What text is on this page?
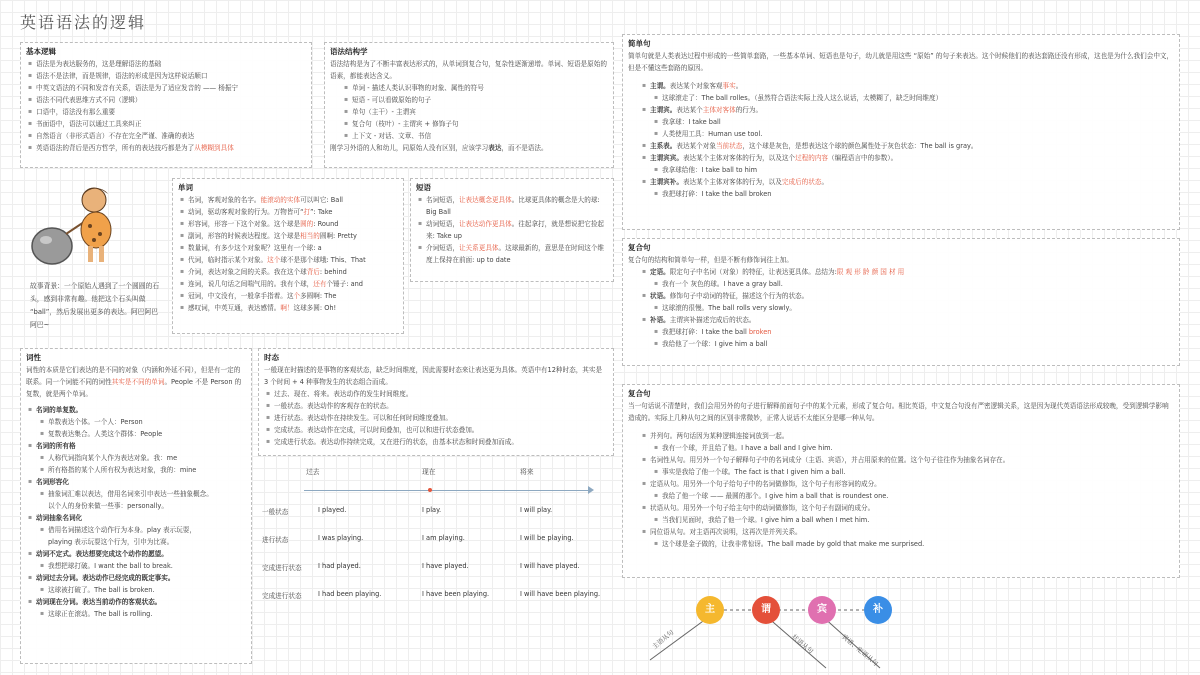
英语语法的逻辑
基本逻辑
▪ 语法是为表达服务的，这是理解语法的基础
▪ 语法不是法律，而是规律，语法的形成是因为这样说话顺口
▪ 中英文语法的不同和发音有关系，语法是为了适应发音的 —— 杨振宁
▪ 语法不同代表思维方式不同（逻辑）
▪ 口语中，语法没有那么重要
▪ 书面语中，语法可以通过工具来纠正
▪ 自然语言（非形式语言）不存在完全严谨、准确的表达
▪ 英语语法的背后是西方哲学，所有的表达技巧都是为了从模糊到具体
语法结构学
语法结构是为了不断丰富表达形式的，从单词到复合句，复杂性逐渐递增。单词、短语是原始的语素，都能表达含义。
▪ 单词 - 描述人类认识事物的对象、属性的符号
▪ 短语 - 可以看做原始的句子
▪ 单句（主干）- 主谓宾
▪ 复合句（枝叶）- 主谓宾 + 修饰子句
▪ 上下文 - 对话、文章、书信
刚学习外语的人和幼儿，同原始人没有区别，应该学习表达，而不是语法。
故事背景：一个原始人遇到了一个圆圆的石头，感到非常有趣。他把这个石头叫做 “ball”，然后发展出更多的表达。阿巴阿巴阿巴~
单词
▪ 名词，客观对象的名字。能滚动的实体可以叫它: Ball
▪ 动词，驱动客观对象的行为。万物皆可“打”: Take
▪ 形容词，形容一下这个对象。这个球是圆的: Round
▪ 副词，形容的时候表达程度。这个球是相当的圆啊: Pretty
▪ 数量词，有多少这个对象呢？这里有一个球: a
▪ 代词，临时指示某个对象。这个球不是那个球哦: This、That
▪ 介词，表达对象之间的关系。我在这个球背后: behind
▪ 连词，说几句话之间喘气用的。我有个球，还有个锤子: and
▪ 冠词，中文没有，一般拿手指着。这个多圆啊: The
▪ 感叹词，中英互通，表达感情。啊！这球多圆: Oh!
短语
▪ 名词短语，让表达概念更具体。比球更具体的概念是大的球: Big Ball
▪ 动词短语，让表达动作更具体。往起拿打，就是想说把它捡起来: Take up
▪ 介词短语，让关系更具体。这球最新的，意思是在时间这个维度上保持在前面: up to date
词性
词性的本质是它们表达的是不同的对象（内涵和外延不同），但是有一定的联系。同一个词能不同的词性其实是不同的单词。People 不是 Person 的复数，就是两个单词。
▪ 名词的单复数。
▪ 单数表达个体。一个人：Person
▪ 复数表达集合。人类这个群体：People
▪ 名词的所有格
▪ 人称代词指向某个人作为表达对象。我：me
▪ 所有格指的某个人所有权为表达对象，我的：mine
▪ 名词形容化
▪ 抽象词汇难以表达，借用名词来引申表达一些抽象概念。
以个人的身份来做一些事：personally。
▪ 动词抽象名词化
▪ 借用名词描述这个动作行为本身。play 表示玩耍，
playing 表示玩耍这个行为，引申为比赛。
▪ 动词不定式。表达想要完成这个动作的愿望。
▪ 我想把球打破。I want the ball to break.
▪ 动词过去分词。表达动作已经完成的既定事实。
▪ 这球被打破了。The ball is broken.
▪ 动词现在分词。表达当前动作的客观状态。
▪ 这球正在滚动。The ball is rolling.
时态
一般现在时描述的是事物的客观状态，缺乏时间维度，因此需要时态来让表达更为具体。英语中有12种时态，其实是 3 个时间 + 4 种事物发生的状态组合而成。
▪ 过去、现在、将来。表达动作的发生时间维度。
▪ 一般状态。表达动作的客观存在的状态。
▪ 进行状态。表达动作在持续发生。可以和任何时间维度叠加。
▪ 完成状态。表达动作在完成，可以时间叠加，也可以和进行状态叠加。
▪ 完成进行状态。表达动作持续完成，又在进行的状态，由基本状态和时间叠加而成。
过去	现在	将来
一般状态	I played.	I play.	I will play.
进行状态	I was playing.	I am playing.	I will be playing.
完成进行状态 I had played.	I have played.	I will have played.
完成进行状态 I had been playing.	I have been playing.	I will have been playing.
简单句
简单句就是人类表达过程中形成的一些简单套路，一些基本单词、短语也是句子，幼儿就是用这些 “原始” 的句子来表达。这个时候他们的表达套路还没有形成，这也是为什么我们会中文，但是不懂这些套路的原因。
▪ 主谓。表达某个对象客观事实。
▪ 这球滚走了：The ball rolles。（虽然符合语法实际上没人这么说话，太模糊了，缺乏时间维度）
▪ 主谓宾。表达某个主体对客体的行为。
▪ 我拿球：I take ball
▪ 人类使用工具：Human use tool.
▪ 主系表。表达某个对象当前状态，这个球是灰色，是想表达这个球的颜色属性处于灰色状态：The ball is gray。
▪ 主谓宾宾。表达某个主体对客体的行为，以及这个过程的内容（编程语言中的参数）。
▪ 我拿球给他：I take ball to him
▪ 主谓宾补。表达某个主体对客体的行为，以及完成后的状态。
▪ 我把球打碎：I take the ball broken
复合句
复合句的结构和简单句一样，但是不断有修饰词往上加。
▪ 定语。限定句子中名词（对象）的特征，让表达更具体。总结为:限 观 形 龄 颜 国 材 用
▪ 我有一个 灰色的球。I have a gray ball.
▪ 状语。修饰句子中动词的特征，描述这个行为的状态。
▪ 这球滚的很慢。The ball rolls very slowly。
▪ 补语。主谓宾补描述完成后的状态。
▪ 我把球打碎：I take the ball broken
▪ 我给他了一个球：I give him a ball
复合句
当一句话说不清楚时，我们会用另外的句子进行解释前面句子中的某个元素，形成了复合句。相比英语，中文复合句没有严密逻辑关系，这是因为现代英语语法形成较晚，受到逻辑学影响造成的。实际上几种从句之间的区别非常微妙，正常人说话不太能区分是哪一种从句。
▪ 并列句。两句话因为某种逻辑连接词放到一起。
▪ 我有一个球，并且给了他。I have a ball and I give him.
▪ 名词性从句。用另外一个句子解释句子中的名词成分（主语、宾语），并占用原来的位置。这个句子往往作为抽象名词存在。
▪ 事实是我给了他一个球。The fact is that I given him a ball.
▪ 定语从句。用另外一个句子给句子中的名词做修饰，这个句子有形容词的成分。
▪ 我给了他一个球 —— 最圆的那个。I give him a ball that is roundest one.
▪ 状语从句。用另外一个句子给主句中的动词做修饰，这个句子有副词的成分。
▪ 当我们见面时，我给了他一个球。I give him a ball when I met him.
▪ 同位语从句。对主语再次说明，这再次是并列关系。
▪ 这个球是金子做的，让我非常惊讶。The ball made by gold that make me surprised.
主	谓	宾	补
主语从句	状语从句	宾语、定语从句
